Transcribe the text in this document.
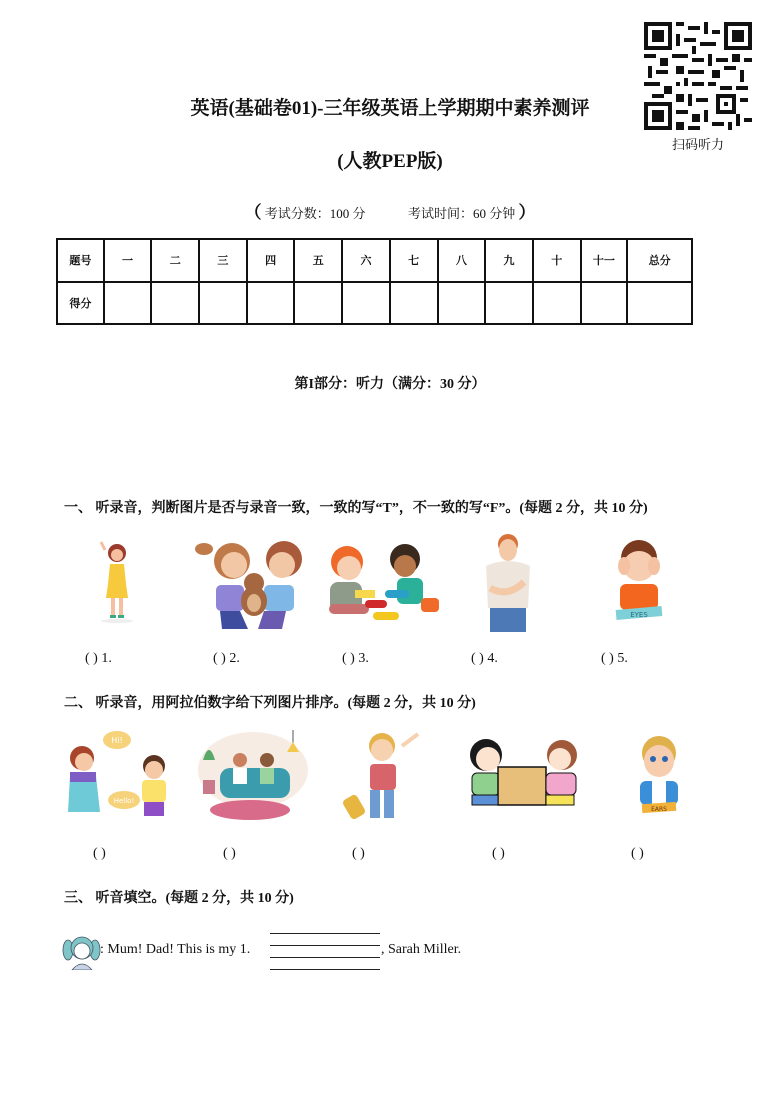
英语(基础卷01)-三年级英语上学期期中素养测评
(人教PEP版)
扫码听力
（ 考试分数：100 分	考试时间：60 分钟 ）
题号	一	二	三	四	五	六	七	八	九	十	十一	总分
得分												
第I部分：听力（满分：30 分）
一、 听录音，判断图片是否与录音一致，一致的写“T”，不一致的写“F”。(每题 2 分，共 10 分)
EYES
( ) 1.	( ) 2.	( ) 3.	( ) 4.	( ) 5.
二、 听录音，用阿拉伯数字给下列图片排序。(每题 2 分，共 10 分)
Hi!
Hello!
EARS
( )	( )	( )	( )	( )
三、 听音填空。(每题 2 分，共 10 分)
: Mum! Dad! This is my 1.	, Sarah Miller.
